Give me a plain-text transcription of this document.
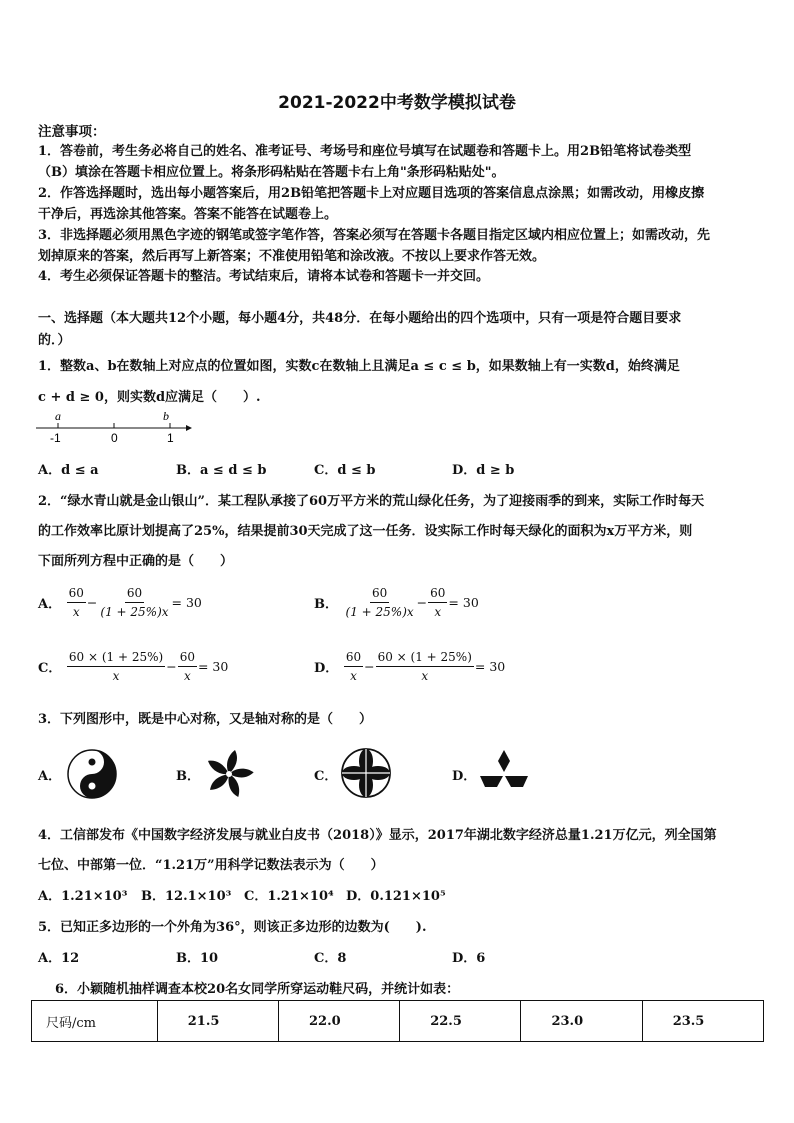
2021-2022中考数学模拟试卷
注意事项：
1．答卷前，考生务必将自己的姓名、准考证号、考场号和座位号填写在试题卷和答题卡上。用2B铅笔将试卷类型
（B）填涂在答题卡相应位置上。将条形码粘贴在答题卡右上角"条形码粘贴处"。
2．作答选择题时，选出每小题答案后，用2B铅笔把答题卡上对应题目选项的答案信息点涂黑；如需改动，用橡皮擦
干净后，再选涂其他答案。答案不能答在试题卷上。
3．非选择题必须用黑色字迹的钢笔或签字笔作答，答案必须写在答题卡各题目指定区域内相应位置上；如需改动，先
划掉原来的答案，然后再写上新答案；不准使用铅笔和涂改液。不按以上要求作答无效。
4．考生必须保证答题卡的整洁。考试结束后，请将本试卷和答题卡一并交回。
一、选择题（本大题共12个小题，每小题4分，共48分．在每小题给出的四个选项中，只有一项是符合题目要求
的．）
1．整数a、b在数轴上对应点的位置如图，实数c在数轴上且满足a ≤ c ≤ b，如果数轴上有一实数d，始终满足
c + d ≥ 0，则实数d应满足（　　）.
a	b
-1	0	1
A．d ≤ a	B．a ≤ d ≤ b	C．d ≤ b	D．d ≥ b
2．“绿水青山就是金山银山”．某工程队承接了60万平方米的荒山绿化任务，为了迎接雨季的到来，实际工作时每天
的工作效率比原计划提高了25%，结果提前30天完成了这一任务．设实际工作时每天绿化的面积为x万平方米，则
下面所列方程中正确的是（　　）
A． $\frac{60}{x} - \frac{60}{(1 + 25\%)x} = 30$	B． $\frac{60}{(1 + 25\%)x} - \frac{60}{x} = 30$
C． $\frac{60 \times (1 + 25\%)}{x} - \frac{60}{x} = 30$	D． $\frac{60}{x} - \frac{60 \times (1 + 25\%)}{x} = 30$
3．下列图形中，既是中心对称，又是轴对称的是（　　）
A．	B．	C．	D．
4．工信部发布《中国数字经济发展与就业白皮书（2018）》显示，2017年湖北数字经济总量1.21万亿元，列全国第
七位、中部第一位．“1.21万”用科学记数法表示为（　　）
A．1.21×10³ B．12.1×10³ C．1.21×10⁴ D．0.121×10⁵
5．已知正多边形的一个外角为36°，则该正多边形的边数为(　　).
A．12	B．10	C．8	D．6
6．小颖随机抽样调查本校20名女同学所穿运动鞋尺码，并统计如表：
尺码/cm	21.5	22.0	22.5	23.0	23.5
